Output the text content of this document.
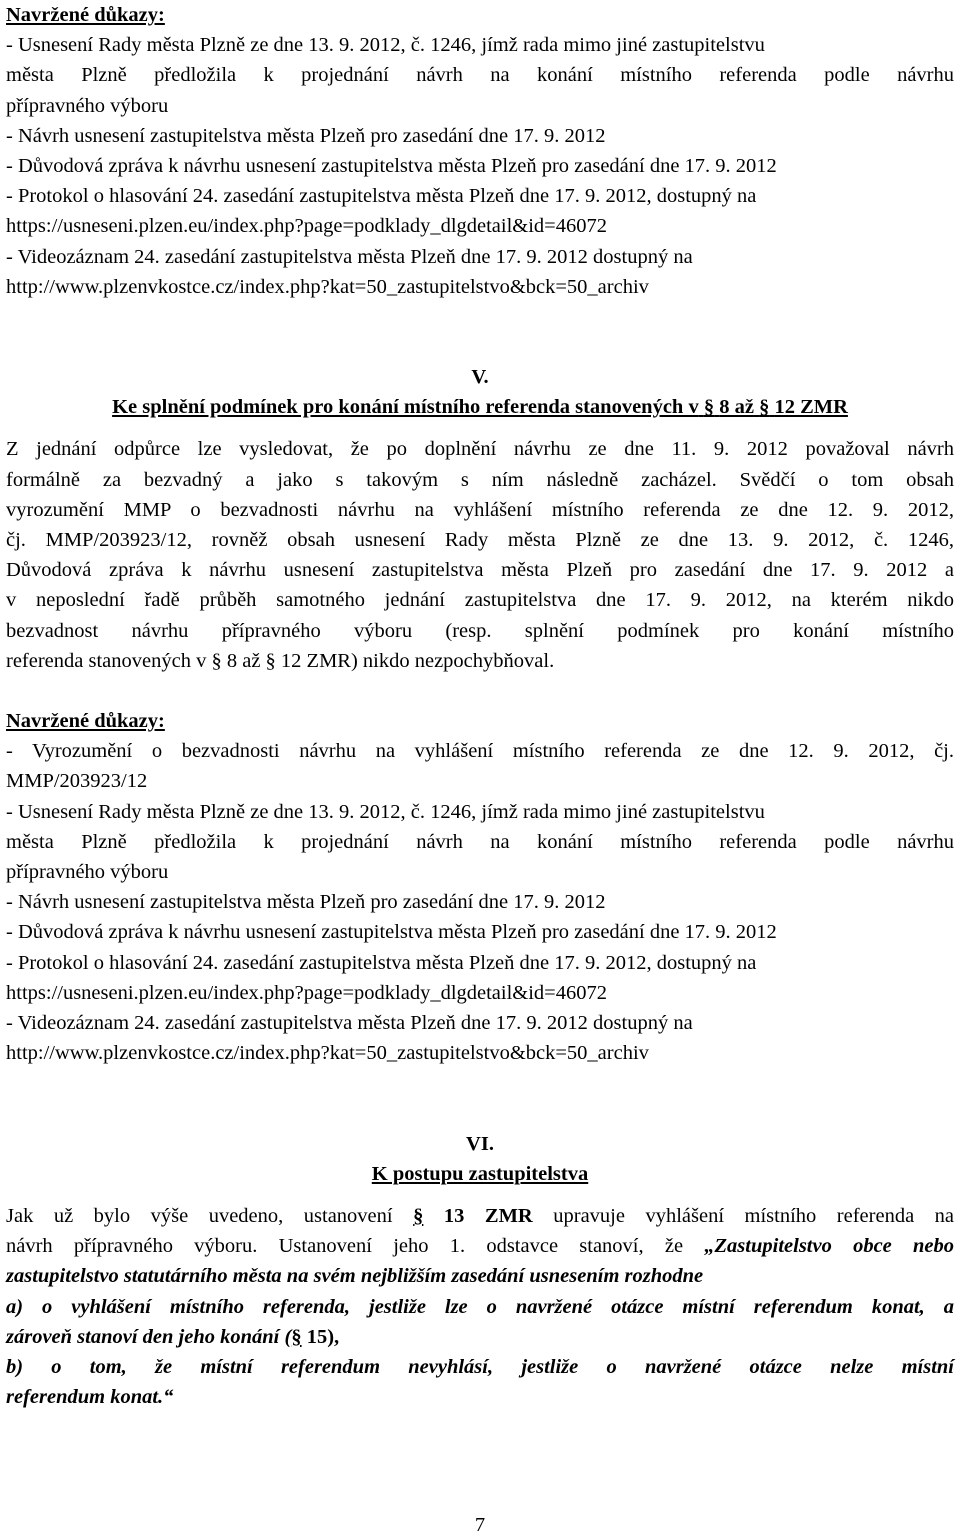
Navržené důkazy:
- Usnesení Rady města Plzně ze dne 13. 9. 2012, č. 1246, jímž rada mimo jiné zastupitelstvu
města Plzně předložila k projednání návrh na konání místního referenda podle návrhu
přípravného výboru
- Návrh usnesení zastupitelstva města Plzeň pro zasedání dne 17. 9. 2012
- Důvodová zpráva k návrhu usnesení zastupitelstva města Plzeň pro zasedání dne 17. 9. 2012
- Protokol o hlasování 24. zasedání zastupitelstva města Plzeň dne 17. 9. 2012, dostupný na
https://usneseni.plzen.eu/index.php?page=podklady_dlgdetail&id=46072
- Videozáznam 24. zasedání zastupitelstva města Plzeň dne 17. 9. 2012 dostupný na
http://www.plzenvkostce.cz/index.php?kat=50_zastupitelstvo&bck=50_archiv
V.
Ke splnění podmínek pro konání místního referenda stanovených v § 8 až § 12 ZMR
Z jednání odpůrce lze vysledovat, že po doplnění návrhu ze dne 11. 9. 2012 považoval návrh
formálně za bezvadný a jako s takovým s ním následně zacházel. Svědčí o tom obsah
vyrozumění MMP o bezvadnosti návrhu na vyhlášení místního referenda ze dne 12. 9. 2012,
čj. MMP/203923/12, rovněž obsah usnesení Rady města Plzně ze dne 13. 9. 2012, č. 1246,
Důvodová zpráva k návrhu usnesení zastupitelstva města Plzeň pro zasedání dne 17. 9. 2012 a
v neposlední řadě průběh samotného jednání zastupitelstva dne 17. 9. 2012, na kterém nikdo
bezvadnost návrhu přípravného výboru (resp. splnění podmínek pro konání místního
referenda stanovených v § 8 až § 12 ZMR) nikdo nezpochybňoval.
Navržené důkazy:
- Vyrozumění o bezvadnosti návrhu na vyhlášení místního referenda ze dne 12. 9. 2012, čj.
MMP/203923/12
- Usnesení Rady města Plzně ze dne 13. 9. 2012, č. 1246, jímž rada mimo jiné zastupitelstvu
města Plzně předložila k projednání návrh na konání místního referenda podle návrhu
přípravného výboru
- Návrh usnesení zastupitelstva města Plzeň pro zasedání dne 17. 9. 2012
- Důvodová zpráva k návrhu usnesení zastupitelstva města Plzeň pro zasedání dne 17. 9. 2012
- Protokol o hlasování 24. zasedání zastupitelstva města Plzeň dne 17. 9. 2012, dostupný na
https://usneseni.plzen.eu/index.php?page=podklady_dlgdetail&id=46072
- Videozáznam 24. zasedání zastupitelstva města Plzeň dne 17. 9. 2012 dostupný na
http://www.plzenvkostce.cz/index.php?kat=50_zastupitelstvo&bck=50_archiv
VI.
K postupu zastupitelstva
Jak už bylo výše uvedeno, ustanovení § 13 ZMR upravuje vyhlášení místního referenda na
návrh přípravného výboru. Ustanovení jeho 1. odstavce stanoví, že „Zastupitelstvo obce nebo
zastupitelstvo statutárního města na svém nejbližším zasedání usnesením rozhodne
a) o vyhlášení místního referenda, jestliže lze o navržené otázce místní referendum konat, a
zároveň stanoví den jeho konání (§ 15),
b) o tom, že místní referendum nevyhlásí, jestliže o navržené otázce nelze místní
referendum konat.“
7
